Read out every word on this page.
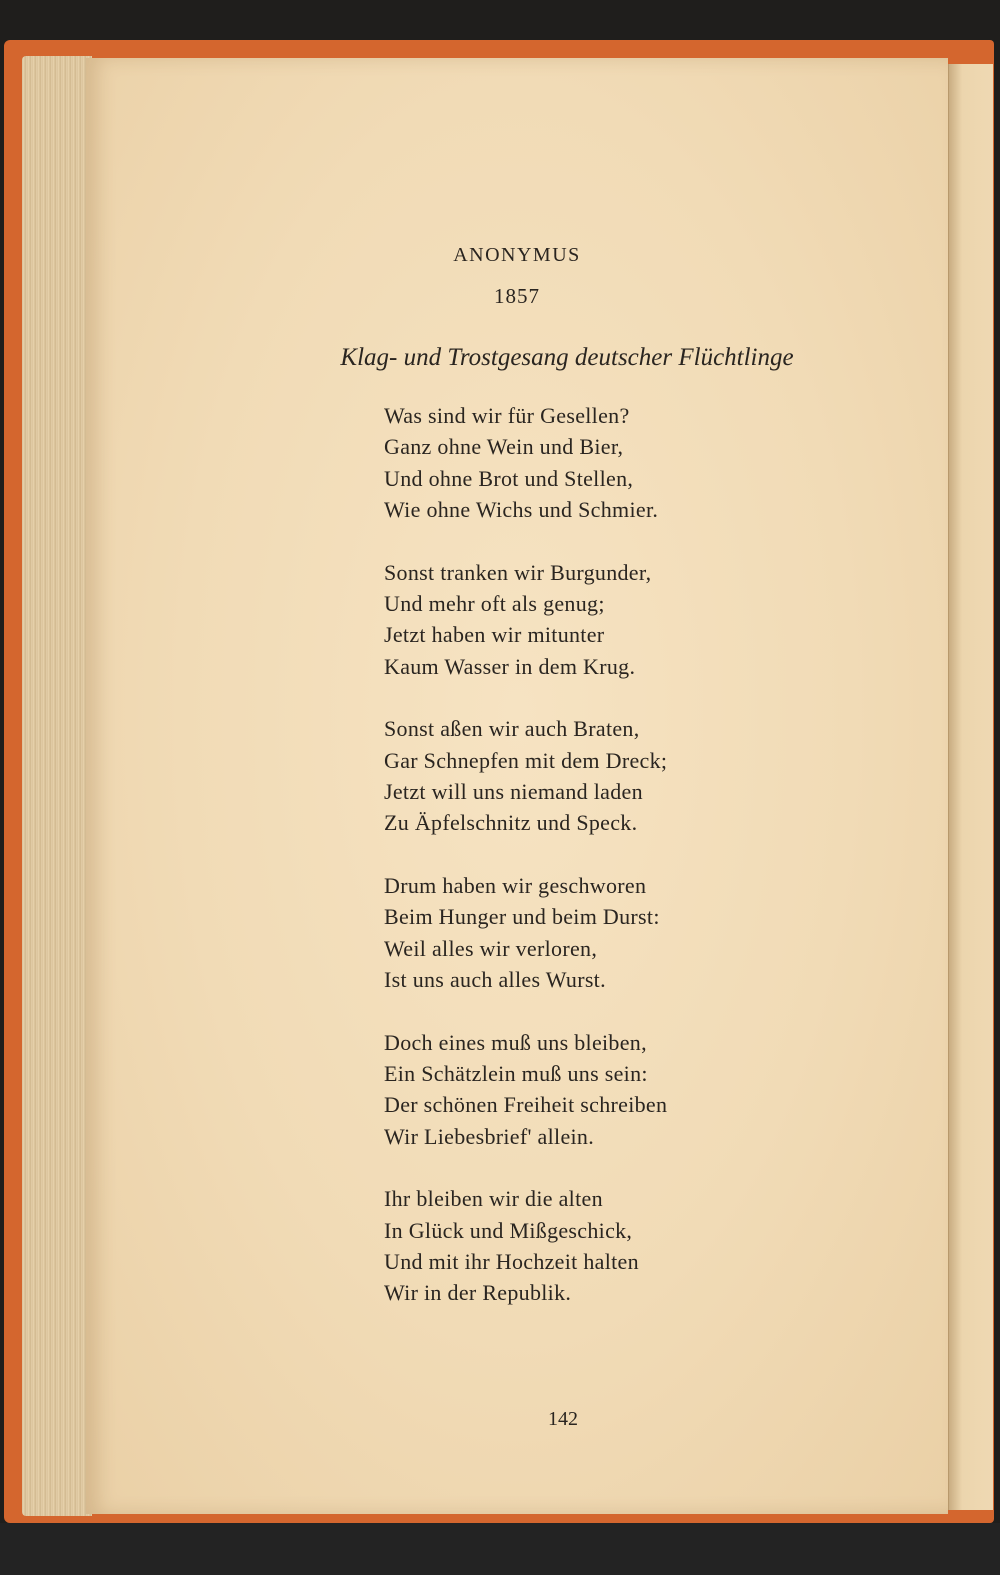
ANONYMUS
1857
Klag- und Trostgesang deutscher Flüchtlinge
Was sind wir für Gesellen?
Ganz ohne Wein und Bier,
Und ohne Brot und Stellen,
Wie ohne Wichs und Schmier.
Sonst tranken wir Burgunder,
Und mehr oft als genug;
Jetzt haben wir mitunter
Kaum Wasser in dem Krug.
Sonst aßen wir auch Braten,
Gar Schnepfen mit dem Dreck;
Jetzt will uns niemand laden
Zu Äpfelschnitz und Speck.
Drum haben wir geschworen
Beim Hunger und beim Durst:
Weil alles wir verloren,
Ist uns auch alles Wurst.
Doch eines muß uns bleiben,
Ein Schätzlein muß uns sein:
Der schönen Freiheit schreiben
Wir Liebesbrief' allein.
Ihr bleiben wir die alten
In Glück und Mißgeschick,
Und mit ihr Hochzeit halten
Wir in der Republik.
142
